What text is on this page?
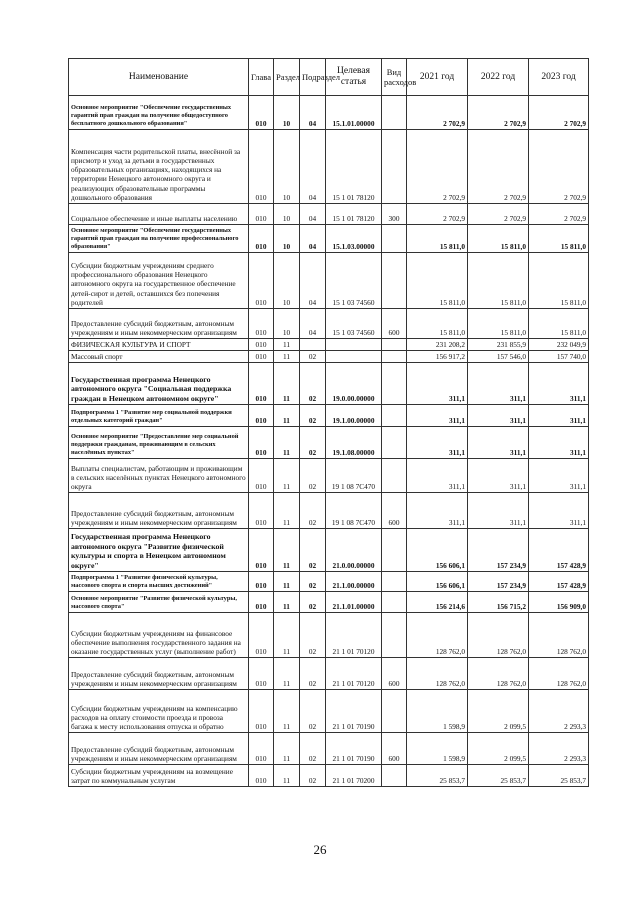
Наименование	Глава	Раздел	Подраздел	Целевая статья	Вид расходов	2021 год	2022 год	2023 год
Основное мероприятие "Обеспечение государственных гарантий прав граждан на получение общедоступного бесплатного дошкольного образования"	010	10	04	15.1.01.00000		2 702,9	2 702,9	2 702,9
Компенсация части родительской платы, внесённой за присмотр и уход за детьми в государственных образовательных организациях, находящихся на территории Ненецкого автономного округа и реализующих образовательные программы дошкольного образования	010	10	04	15 1 01 78120		2 702,9	2 702,9	2 702,9
Социальное обеспечение и иные выплаты населению	010	10	04	15 1 01 78120	300	2 702,9	2 702,9	2 702,9
Основное мероприятие "Обеспечение государственных гарантий прав граждан на получение профессионального образования"	010	10	04	15.1.03.00000		15 811,0	15 811,0	15 811,0
Субсидии бюджетным учреждениям среднего профессионального образования Ненецкого автономного округа на государственное обеспечение детей-сирот и детей, оставшихся без попечения родителей	010	10	04	15 1 03 74560		15 811,0	15 811,0	15 811,0
Предоставление субсидий бюджетным, автономным учреждениям и иным некоммерческим организациям	010	10	04	15 1 03 74560	600	15 811,0	15 811,0	15 811,0
ФИЗИЧЕСКАЯ КУЛЬТУРА И СПОРТ	010	11				231 208,2	231 855,9	232 049,9
Массовый спорт	010	11	02			156 917,2	157 546,0	157 740,0
Государственная программа Ненецкого автономного округа "Социальная поддержка граждан в Ненецком автономном округе"	010	11	02	19.0.00.00000		311,1	311,1	311,1
Подпрограмма 1 "Развитие мер социальной поддержки отдельных категорий граждан"	010	11	02	19.1.00.00000		311,1	311,1	311,1
Основное мероприятие "Предоставление мер социальной поддержки гражданам, проживающим в сельских населённых пунктах"	010	11	02	19.1.08.00000		311,1	311,1	311,1
Выплаты специалистам, работающим и проживающим в сельских населённых пунктах Ненецкого автономного округа	010	11	02	19 1 08 7С470		311,1	311,1	311,1
Предоставление субсидий бюджетным, автономным учреждениям и иным некоммерческим организациям	010	11	02	19 1 08 7С470	600	311,1	311,1	311,1
Государственная программа Ненецкого автономного округа "Развитие физической культуры и спорта в Ненецком автономном округе"	010	11	02	21.0.00.00000		156 606,1	157 234,9	157 428,9
Подпрограмма 1 "Развитие физической культуры, массового спорта и спорта высших достижений"	010	11	02	21.1.00.00000		156 606,1	157 234,9	157 428,9
Основное мероприятие "Развитие физической культуры, массового спорта"	010	11	02	21.1.01.00000		156 214,6	156 715,2	156 909,0
Субсидии бюджетным учреждениям на финансовое обеспечение выполнения государственного задания на оказание государственных услуг (выполнение работ)	010	11	02	21 1 01 70120		128 762,0	128 762,0	128 762,0
Предоставление субсидий бюджетным, автономным учреждениям и иным некоммерческим организациям	010	11	02	21 1 01 70120	600	128 762,0	128 762,0	128 762,0
Субсидии бюджетным учреждениям на компенсацию расходов на оплату стоимости проезда и провоза багажа к месту использования отпуска и обратно	010	11	02	21 1 01 70190		1 598,9	2 099,5	2 293,3
Предоставление субсидий бюджетным, автономным учреждениям и иным некоммерческим организациям	010	11	02	21 1 01 70190	600	1 598,9	2 099,5	2 293,3
Субсидии бюджетным учреждениям на возмещение затрат по коммунальным услугам	010	11	02	21 1 01 70200		25 853,7	25 853,7	25 853,7
26
